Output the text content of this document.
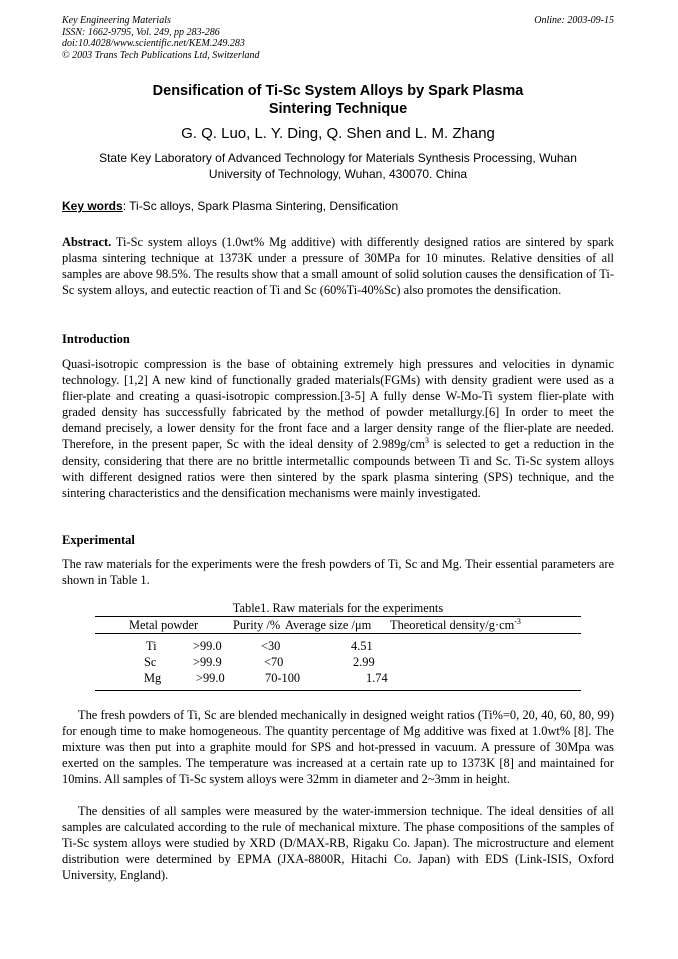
Key Engineering Materials
ISSN: 1662-9795, Vol. 249, pp 283-286
doi:10.4028/www.scientific.net/KEM.249.283
© 2003 Trans Tech Publications Ltd, Switzerland
Online: 2003-09-15
Densification of Ti-Sc System Alloys by Spark Plasma
Sintering Technique
G. Q. Luo, L. Y. Ding, Q. Shen and L. M. Zhang
State Key Laboratory of Advanced Technology for Materials Synthesis Processing, Wuhan
University of Technology, Wuhan, 430070. China
Key words: Ti-Sc alloys, Spark Plasma Sintering, Densification
Abstract. Ti-Sc system alloys (1.0wt% Mg additive) with differently designed ratios are sintered by spark plasma sintering technique at 1373K under a pressure of 30MPa for 10 minutes. Relative densities of all samples are above 98.5%. The results show that a small amount of solid solution causes the densification of Ti-Sc system alloys, and eutectic reaction of Ti and Sc (60%Ti-40%Sc) also promotes the densification.
Introduction
Quasi-isotropic compression is the base of obtaining extremely high pressures and velocities in dynamic technology. [1,2] A new kind of functionally graded materials(FGMs) with density gradient were used as a flier-plate and creating a quasi-isotropic compression.[3-5] A fully dense W-Mo-Ti system flier-plate with graded density has successfully fabricated by the method of powder metallurgy.[6] In order to meet the demand precisely, a lower density for the front face and a larger density range of the flier-plate are needed. Therefore, in the present paper, Sc with the ideal density of $2.989g/cm^3$ is selected to get a reduction in the density, considering that there are no brittle intermetallic compounds between Ti and Sc. Ti-Sc system alloys with different designed ratios were then sintered by the spark plasma sintering (SPS) technique, and the sintering characteristics and the densification mechanisms were mainly investigated.
Experimental
The raw materials for the experiments were the fresh powders of Ti, Sc and Mg. Their essential parameters are shown in Table 1.
Table1. Raw materials for the experiments
Metal powder	Purity /% Average size /μm Theoretical density/$g\cdot cm^{-3}$
Ti	>99.0	<30	4.51
Sc	>99.9	<70	2.99
Mg	>99.0	70-100	1.74
The fresh powders of Ti, Sc are blended mechanically in designed weight ratios (Ti%=0, 20, 40, 60, 80, 99) for enough time to make homogeneous. The quantity percentage of Mg additive was fixed at 1.0wt% [8]. The mixture was then put into a graphite mould for SPS and hot-pressed in vacuum. A pressure of 30Mpa was exerted on the samples. The temperature was increased at a certain rate up to 1373K [8] and maintained for 10mins. All samples of Ti-Sc system alloys were 32mm in diameter and 2~3mm in height.
The densities of all samples were measured by the water-immersion technique. The ideal densities of all samples are calculated according to the rule of mechanical mixture. The phase compositions of the samples of Ti-Sc system alloys were studied by XRD (D/MAX-RB, Rigaku Co. Japan). The microstructure and element distribution were determined by EPMA (JXA-8800R, Hitachi Co. Japan) with EDS (Link-ISIS, Oxford University, England).
